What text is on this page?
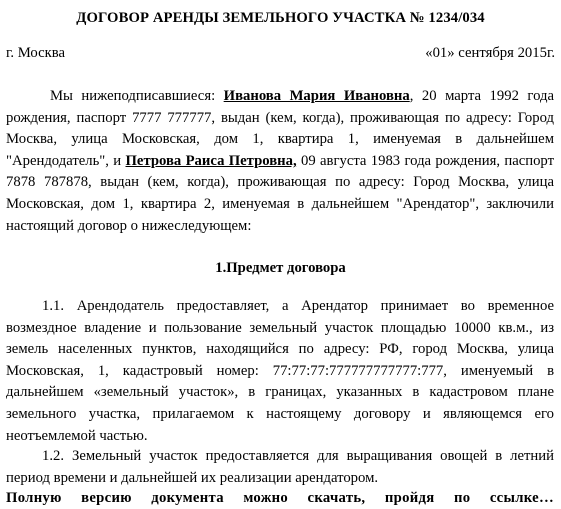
ДОГОВОР АРЕНДЫ ЗЕМЕЛЬНОГО УЧАСТКА № 1234/034
г. Москва	«01» сентября 2015г.
Мы нижеподписавшиеся: Иванова Мария Ивановна, 20 марта 1992 года рождения, паспорт 7777 777777, выдан (кем, когда), проживающая по адресу: Город Москва, улица Московская, дом 1, квартира 1, именуемая в дальнейшем "Арендодатель", и Петрова Раиса Петровна, 09 августа 1983 года рождения, паспорт 7878 787878, выдан (кем, когда), проживающая по адресу: Город Москва, улица Московская, дом 1, квартира 2, именуемая в дальнейшем "Арендатор", заключили настоящий договор о нижеследующем:
1.Предмет договора
1.1. Арендодатель предоставляет, а Арендатор принимает во временное возмездное владение и пользование земельный участок площадью 10000 кв.м., из земель населенных пунктов, находящийся по адресу: РФ, город Москва, улица Московская, 1, кадастровый номер: 77:77:77:777777777777:777, именуемый в дальнейшем «земельный участок», в границах, указанных в кадастровом плане земельного участка, прилагаемом к настоящему договору и являющемся его неотъемлемой частью.
1.2. Земельный участок предоставляется для выращивания овощей в летний период времени и дальнейшей их реализации арендатором.
Полную версию документа можно скачать, пройдя по ссылке…
